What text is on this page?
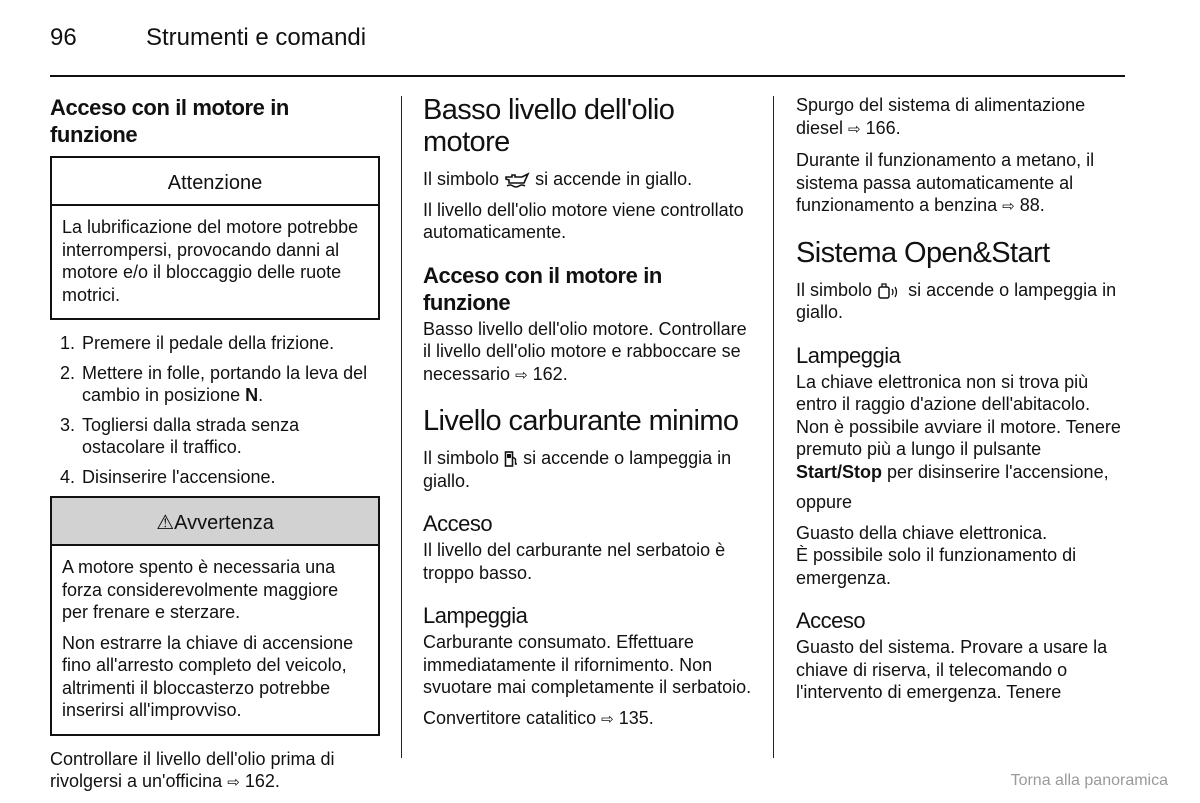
96	Strumenti e comandi
Acceso con il motore in funzione
Attenzione

La lubrificazione del motore potrebbe interrompersi, provocando danni al motore e/o il bloccaggio delle ruote motrici.

1. Premere il pedale della frizione.
2. Mettere in folle, portando la leva del cambio in posizione N.
3. Togliersi dalla strada senza ostacolare il traffico.
4. Disinserire l'accensione.
⚠Avvertenza

A motore spento è necessaria una forza considerevolmente maggiore per frenare e sterzare.

Non estrarre la chiave di accensione fino all'arresto completo del veicolo, altrimenti il bloccasterzo potrebbe inserirsi all'improvviso.

Controllare il livello dell'olio prima di rivolgersi a un'officina ⇨ 162.

Basso livello dell'olio motore

Il simbolo si accende in giallo.

Il livello dell'olio motore viene controllato automaticamente.

Acceso con il motore in funzione

Basso livello dell'olio motore. Controllare il livello dell'olio motore e rabboccare se necessario ⇨ 162.

Livello carburante minimo

Il simbolo si accende o lampeggia in giallo.

Acceso

Il livello del carburante nel serbatoio è troppo basso.

Lampeggia

Carburante consumato. Effettuare immediatamente il rifornimento. Non svuotare mai completamente il serbatoio.

Convertitore catalitico ⇨ 135.

Spurgo del sistema di alimentazione diesel ⇨ 166.

Durante il funzionamento a metano, il sistema passa automaticamente al funzionamento a benzina ⇨ 88.

Sistema Open&Start

Il simbolo si accende o lampeggia in giallo.

Lampeggia

La chiave elettronica non si trova più entro il raggio d'azione dell'abitacolo. Non è possibile avviare il motore. Tenere premuto più a lungo il pulsante Start/Stop per disinserire l'accensione,

oppure

Guasto della chiave elettronica.
È possibile solo il funzionamento di emergenza.

Acceso

Guasto del sistema. Provare a usare la chiave di riserva, il telecomando o l'intervento di emergenza. Tenere

Torna alla panoramica
